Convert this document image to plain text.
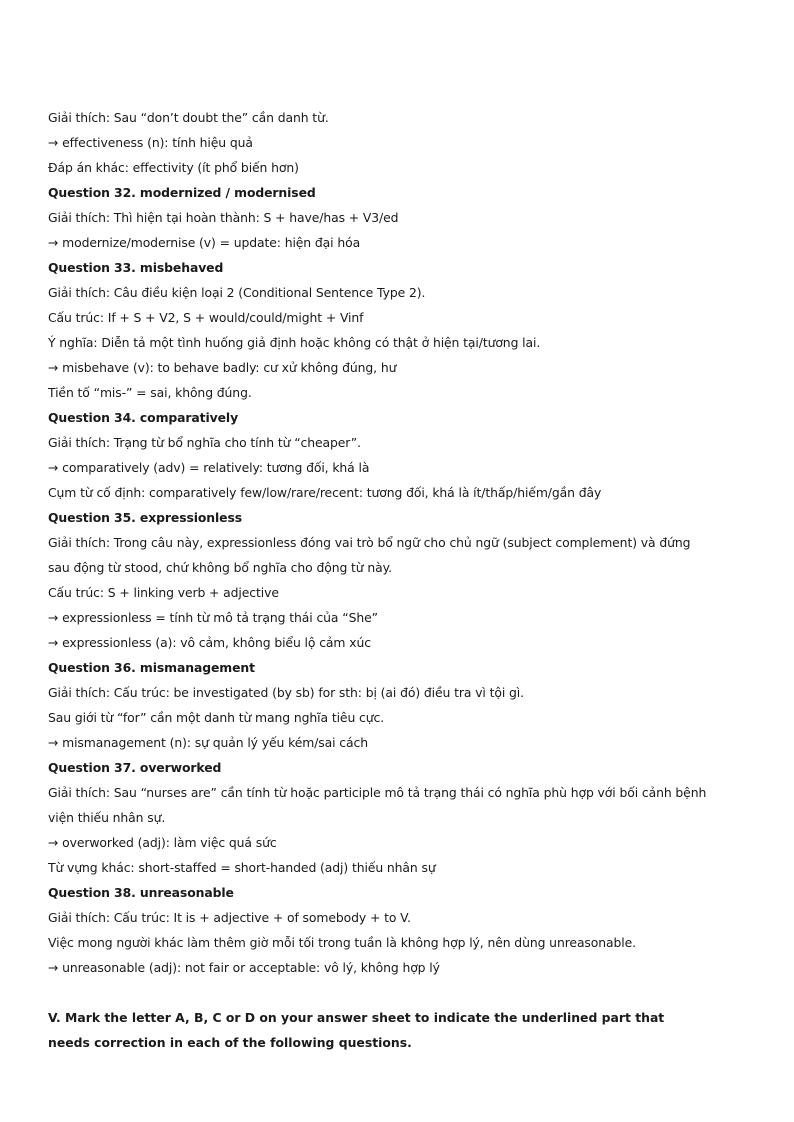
Giải thích: Sau “don’t doubt the” cần danh từ.
→ effectiveness (n): tính hiệu quả
Đáp án khác: effectivity (ít phổ biến hơn)
Question 32. modernized / modernised
Giải thích: Thì hiện tại hoàn thành: S + have/has + V3/ed
→ modernize/modernise (v) = update: hiện đại hóa
Question 33. misbehaved
Giải thích: Câu điều kiện loại 2 (Conditional Sentence Type 2).
Cấu trúc: If + S + V2, S + would/could/might + Vinf
Ý nghĩa: Diễn tả một tình huống giả định hoặc không có thật ở hiện tại/tương lai.
→ misbehave (v): to behave badly: cư xử không đúng, hư
Tiền tố “mis-” = sai, không đúng.
Question 34. comparatively
Giải thích: Trạng từ bổ nghĩa cho tính từ “cheaper”.
→ comparatively (adv) = relatively: tương đối, khá là
Cụm từ cố định: comparatively few/low/rare/recent: tương đối, khá là ít/thấp/hiếm/gần đây
Question 35. expressionless
Giải thích: Trong câu này, expressionless đóng vai trò bổ ngữ cho chủ ngữ (subject complement) và đứng
sau động từ stood, chứ không bổ nghĩa cho động từ này.
Cấu trúc: S + linking verb + adjective
→ expressionless = tính từ mô tả trạng thái của “She”
→ expressionless (a): vô cảm, không biểu lộ cảm xúc
Question 36. mismanagement
Giải thích: Cấu trúc: be investigated (by sb) for sth: bị (ai đó) điều tra vì tội gì.
Sau giới từ “for” cần một danh từ mang nghĩa tiêu cực.
→ mismanagement (n): sự quản lý yếu kém/sai cách
Question 37. overworked
Giải thích: Sau “nurses are” cần tính từ hoặc participle mô tả trạng thái có nghĩa phù hợp với bối cảnh bệnh
viện thiếu nhân sự.
→ overworked (adj): làm việc quá sức
Từ vựng khác: short-staffed = short-handed (adj) thiếu nhân sự
Question 38. unreasonable
Giải thích: Cấu trúc: It is + adjective + of somebody + to V.
Việc mong người khác làm thêm giờ mỗi tối trong tuần là không hợp lý, nên dùng unreasonable.
→ unreasonable (adj): not fair or acceptable: vô lý, không hợp lý
V. Mark the letter A, B, C or D on your answer sheet to indicate the underlined part that needs correction in each of the following questions.
